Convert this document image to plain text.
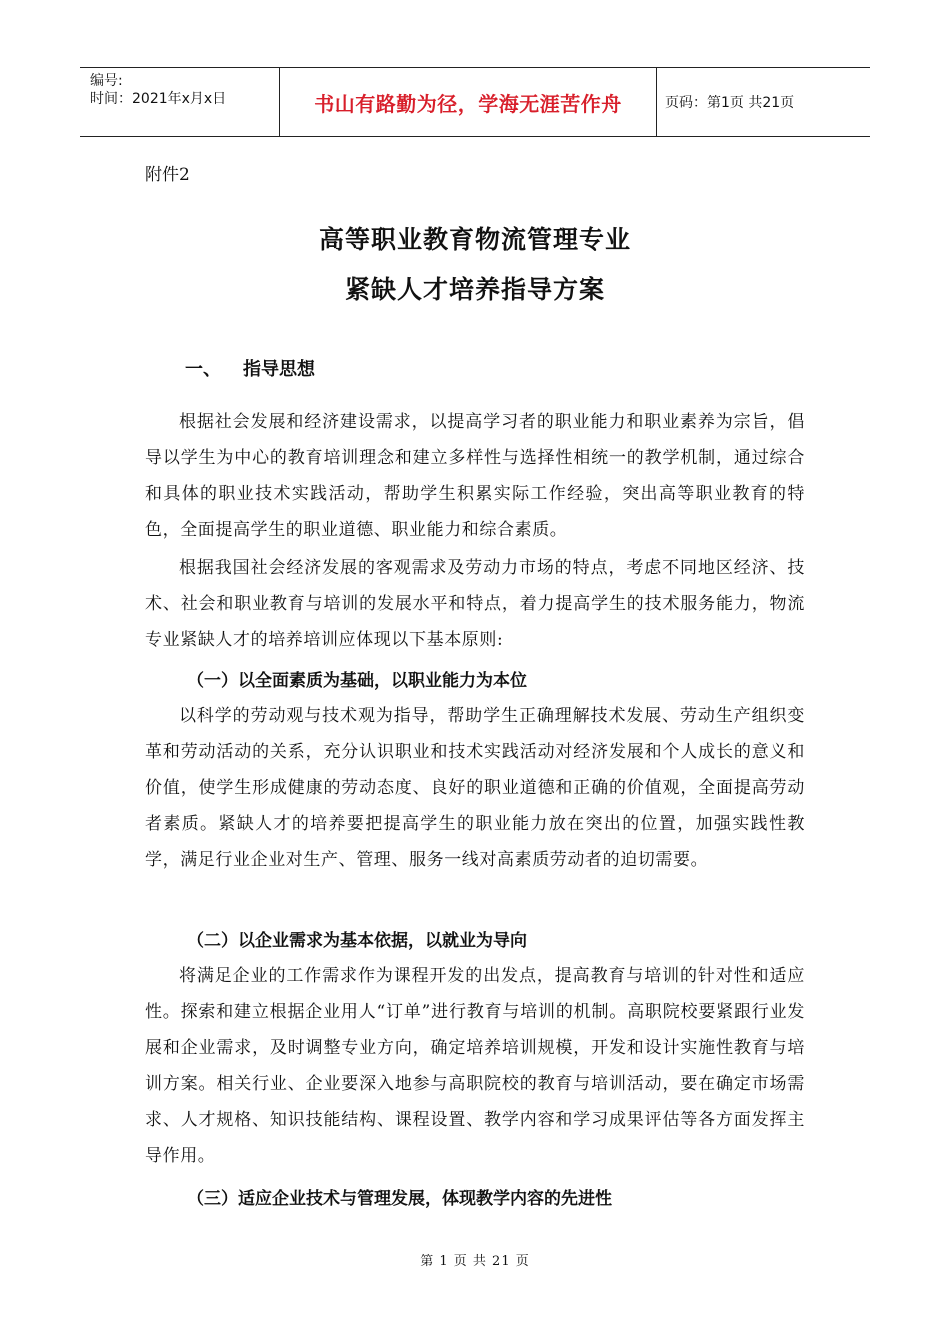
编号:
时间：2021年x月x日	书山有路勤为径，学海无涯苦作舟	页码：第1页 共21页
附件2
高等职业教育物流管理专业
紧缺人才培养指导方案
一、 指导思想
根据社会发展和经济建设需求，以提高学习者的职业能力和职业素养为宗旨，倡导以学生为中心的教育培训理念和建立多样性与选择性相统一的教学机制，通过综合和具体的职业技术实践活动，帮助学生积累实际工作经验，突出高等职业教育的特色，全面提高学生的职业道德、职业能力和综合素质。
根据我国社会经济发展的客观需求及劳动力市场的特点，考虑不同地区经济、技术、社会和职业教育与培训的发展水平和特点，着力提高学生的技术服务能力，物流专业紧缺人才的培养培训应体现以下基本原则:
（一）以全面素质为基础，以职业能力为本位
以科学的劳动观与技术观为指导，帮助学生正确理解技术发展、劳动生产组织变革和劳动活动的关系，充分认识职业和技术实践活动对经济发展和个人成长的意义和价值，使学生形成健康的劳动态度、良好的职业道德和正确的价值观，全面提高劳动者素质。紧缺人才的培养要把提高学生的职业能力放在突出的位置，加强实践性教学，满足行业企业对生产、管理、服务一线对高素质劳动者的迫切需要。
（二）以企业需求为基本依据，以就业为导向
将满足企业的工作需求作为课程开发的出发点，提高教育与培训的针对性和适应性。探索和建立根据企业用人“订单”进行教育与培训的机制。高职院校要紧跟行业发展和企业需求，及时调整专业方向，确定培养培训规模，开发和设计实施性教育与培训方案。相关行业、企业要深入地参与高职院校的教育与培训活动，要在确定市场需求、人才规格、知识技能结构、课程设置、教学内容和学习成果评估等各方面发挥主导作用。
（三）适应企业技术与管理发展，体现教学内容的先进性
第 1 页 共 21 页
